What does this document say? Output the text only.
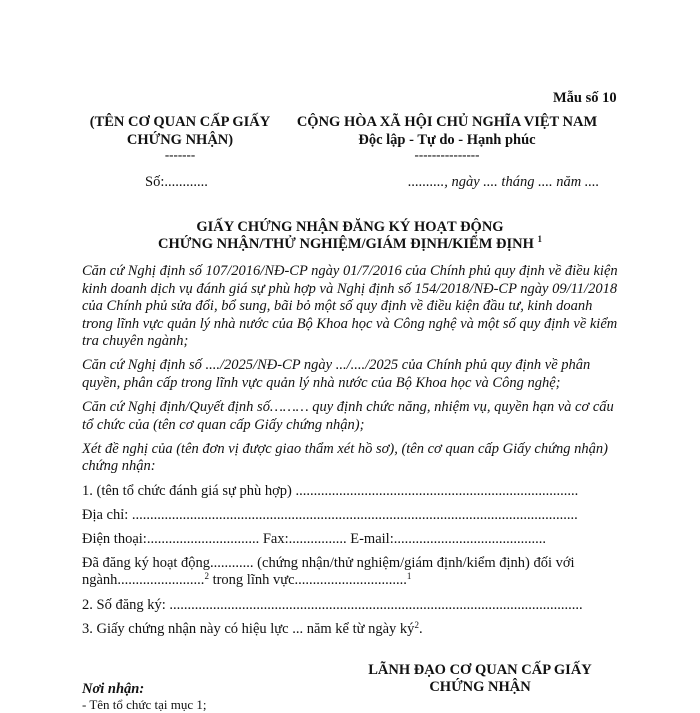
Mẫu số 10
(TÊN CƠ QUAN CẤP GIẤY
CHỨNG NHẬN)
-------
CỘNG HÒA XÃ HỘI CHỦ NGHĨA VIỆT NAM
Độc lập - Tự do - Hạnh phúc
---------------
Số:............	.........., ngày .... tháng .... năm ....
GIẤY CHỨNG NHẬN ĐĂNG KÝ HOẠT ĐỘNG
CHỨNG NHẬN/THỬ NGHIỆM/GIÁM ĐỊNH/KIỂM ĐỊNH $^1$

Căn cứ Nghị định số 107/2016/NĐ-CP ngày 01/7/2016 của Chính phủ quy định về điều kiện kinh doanh dịch vụ đánh giá sự phù hợp và Nghị định số 154/2018/NĐ-CP ngày 09/11/2018 của Chính phủ sửa đổi, bổ sung, bãi bỏ một số quy định về điều kiện đầu tư, kinh doanh trong lĩnh vực quản lý nhà nước của Bộ Khoa học và Công nghệ và một số quy định về kiểm tra chuyên ngành;

Căn cứ Nghị định số ..../2025/NĐ-CP ngày .../..../2025 của Chính phủ quy định về phân quyền, phân cấp trong lĩnh vực quản lý nhà nước của Bộ Khoa học và Công nghệ;

Căn cứ Nghị định/Quyết định số……… quy định chức năng, nhiệm vụ, quyền hạn và cơ cấu tổ chức của (tên cơ quan cấp Giấy chứng nhận);

Xét đề nghị của (tên đơn vị được giao thẩm xét hồ sơ), (tên cơ quan cấp Giấy chứng nhận) chứng nhận:

1. (tên tổ chức đánh giá sự phù hợp) ..............................................................................
Địa chỉ: ...........................................................................................................................
Điện thoại:............................... Fax:................ E-mail:..........................................
Đã đăng ký hoạt động............ (chứng nhận/thử nghiệm/giám định/kiểm định) đối với
ngành........................$^2$ trong lĩnh vực...............................$^1$
2. Số đăng ký: ..................................................................................................................
3. Giấy chứng nhận này có hiệu lực ... năm kể từ ngày $ký^2$.
Nơi nhận:
- Tên tổ chức tại mục 1;
LÃNH ĐẠO CƠ QUAN CẤP GIẤY
CHỨNG NHẬN
